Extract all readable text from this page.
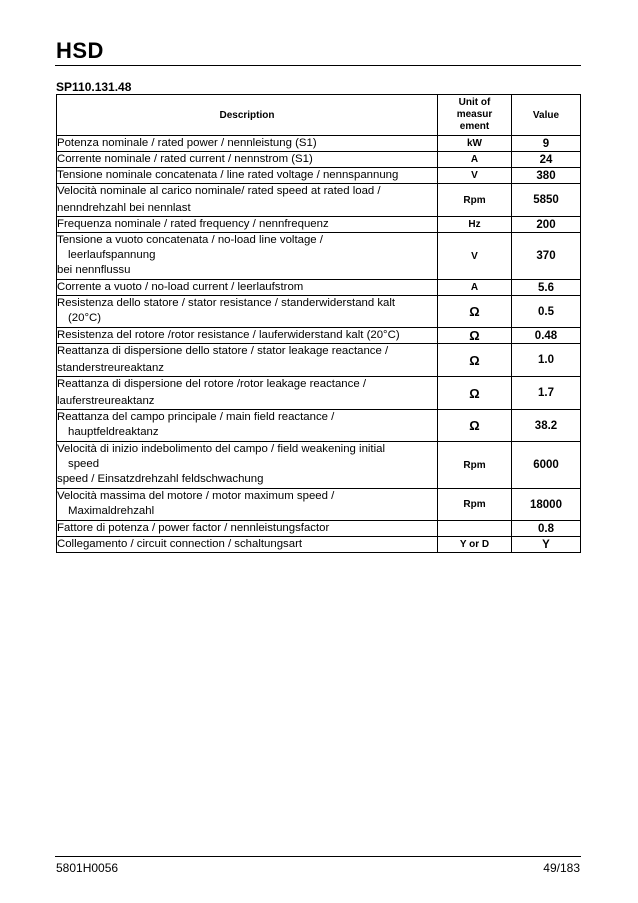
HSD
SP110.131.48
Description	Unit of
measur
ement	Value

Potenza nominale / rated power / nennleistung (S1)	kW	9

Corrente nominale / rated current / nennstrom (S1)	A	24

Tensione nominale concatenata / line rated voltage / nennspannung	V	380

Velocità nominale al carico nominale/ rated speed at rated load /
nenndrehzahl bei nennlast	Rpm	5850

Frequenza nominale / rated frequency / nennfrequenz	Hz	200

Tensione a vuoto concatenata / no-load line voltage /
leerlaufspannung
bei nennflussu	V	370

Corrente a vuoto / no-load current / leerlaufstrom	A	5.6

Resistenza dello statore / stator resistance / standerwiderstand kalt
(20°C)	Ω	0.5

Resistenza del rotore /rotor resistance / lauferwiderstand kalt (20°C)	Ω	0.48

Reattanza di dispersione dello statore / stator leakage reactance /
standerstreureaktanz	Ω	1.0

Reattanza di dispersione del rotore /rotor leakage reactance /
lauferstreureaktanz	Ω	1.7

Reattanza del campo principale / main field reactance /
hauptfeldreaktanz	Ω	38.2

Velocità di inizio indebolimento del campo / field weakening initial
speed
speed / Einsatzdrehzahl feldschwachung	Rpm	6000

Velocità massima del motore / motor maximum speed /
Maximaldrehzahl	Rpm	18000

Fattore di potenza / power factor / nennleistungsfactor		0.8

Collegamento / circuit connection / schaltungsart	Y or D	Y
5801H0056	49/183
